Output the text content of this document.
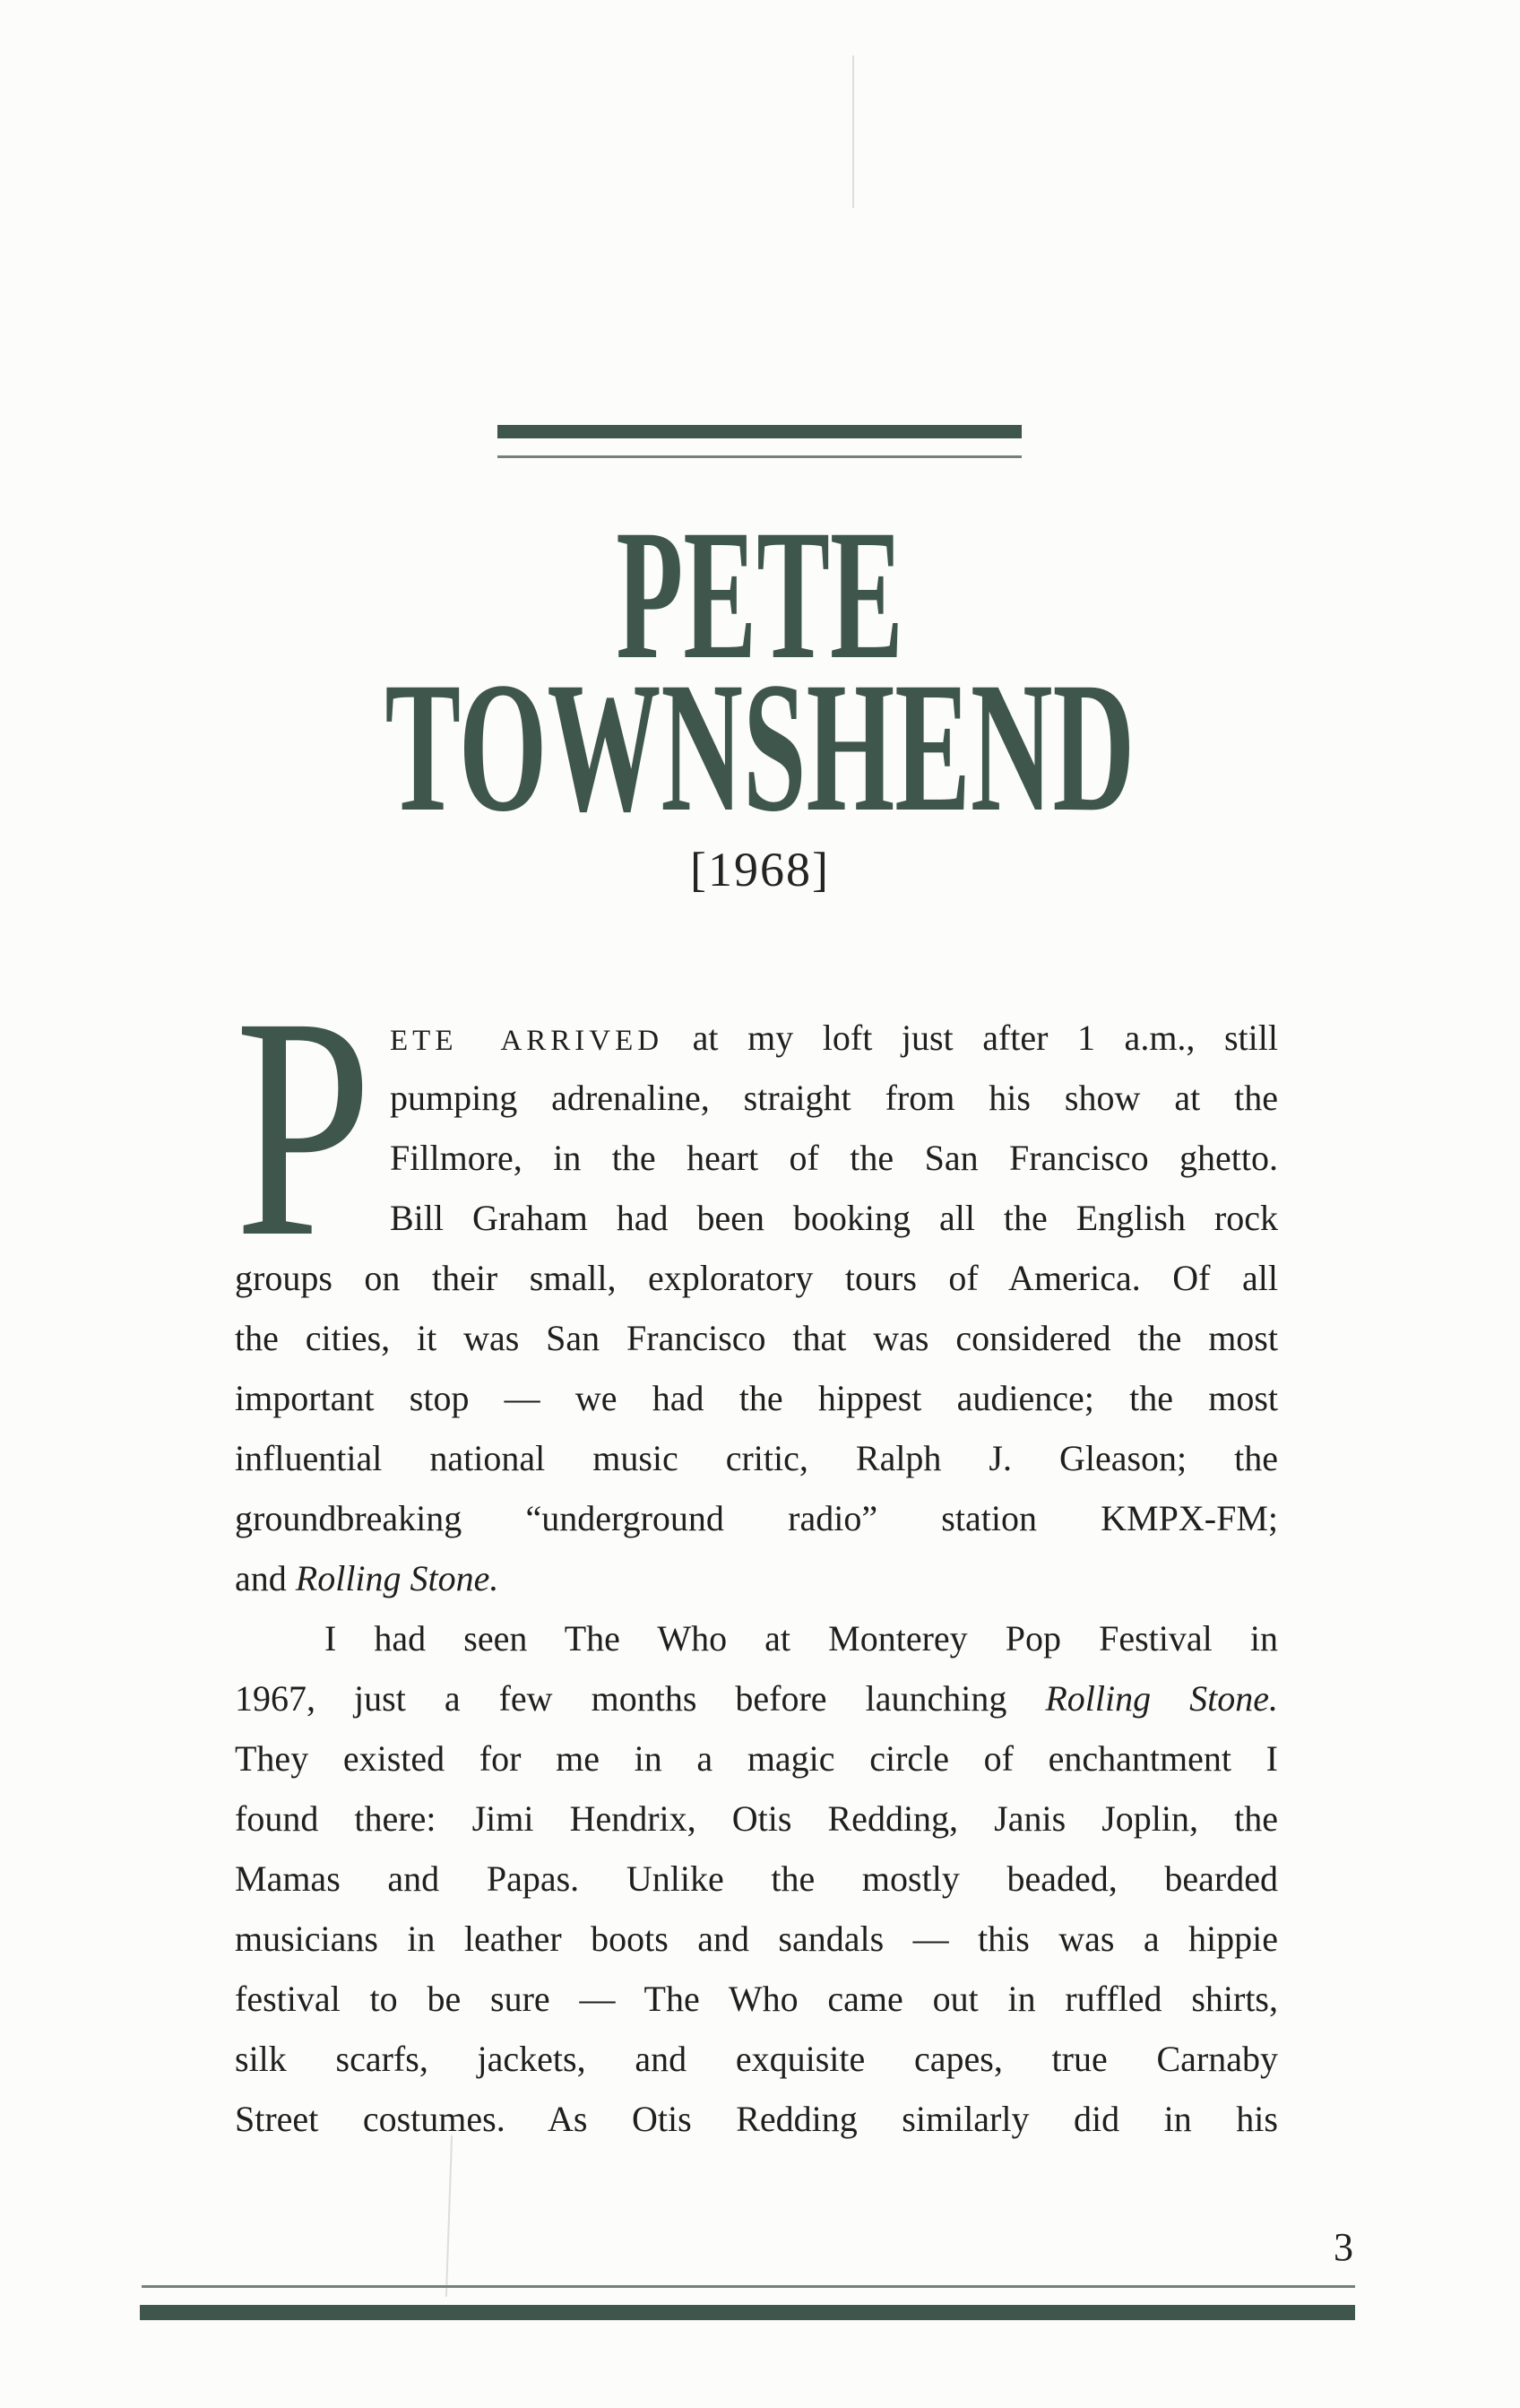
PETE
TOWNSHEND
[1968]
P ETE ARRIVED at my loft just after 1 a.m., still
pumping adrenaline, straight from his show at the
Fillmore, in the heart of the San Francisco ghetto.
Bill Graham had been booking all the English rock
groups on their small, exploratory tours of America. Of all
the cities, it was San Francisco that was considered the most
important stop — we had the hippest audience; the most
influential national music critic, Ralph J. Gleason; the
groundbreaking “underground radio” station KMPX-FM;
and Rolling Stone.
I had seen The Who at Monterey Pop Festival in
1967, just a few months before launching Rolling Stone.
They existed for me in a magic circle of enchantment I
found there: Jimi Hendrix, Otis Redding, Janis Joplin, the
Mamas and Papas. Unlike the mostly beaded, bearded
musicians in leather boots and sandals — this was a hippie
festival to be sure — The Who came out in ruffled shirts,
silk scarfs, jackets, and exquisite capes, true Carnaby
Street costumes. As Otis Redding similarly did in his
3
